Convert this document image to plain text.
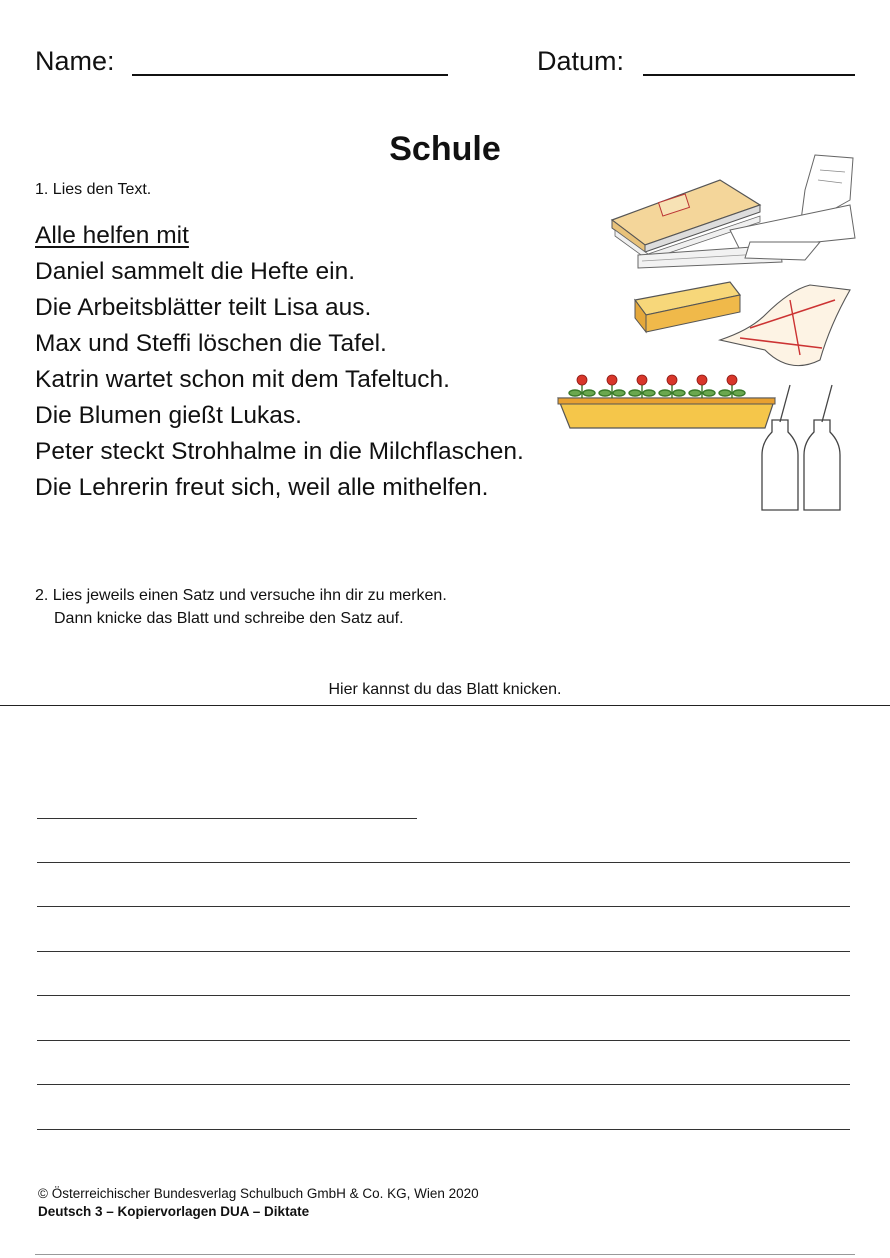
Name:	Datum:
Schule
1. Lies den Text.
Alle helfen mit
Daniel sammelt die Hefte ein.
Die Arbeitsblätter teilt Lisa aus.
Max und Steffi löschen die Tafel.
Katrin wartet schon mit dem Tafeltuch.
Die Blumen gießt Lukas.
Peter steckt Strohhalme in die Milchflaschen.
Die Lehrerin freut sich, weil alle mithelfen.
2. Lies jeweils einen Satz und versuche ihn dir zu merken.
Dann knicke das Blatt und schreibe den Satz auf.
Hier kannst du das Blatt knicken.
© Österreichischer Bundesverlag Schulbuch GmbH & Co. KG, Wien 2020
Deutsch 3 – Kopiervorlagen DUA – Diktate
